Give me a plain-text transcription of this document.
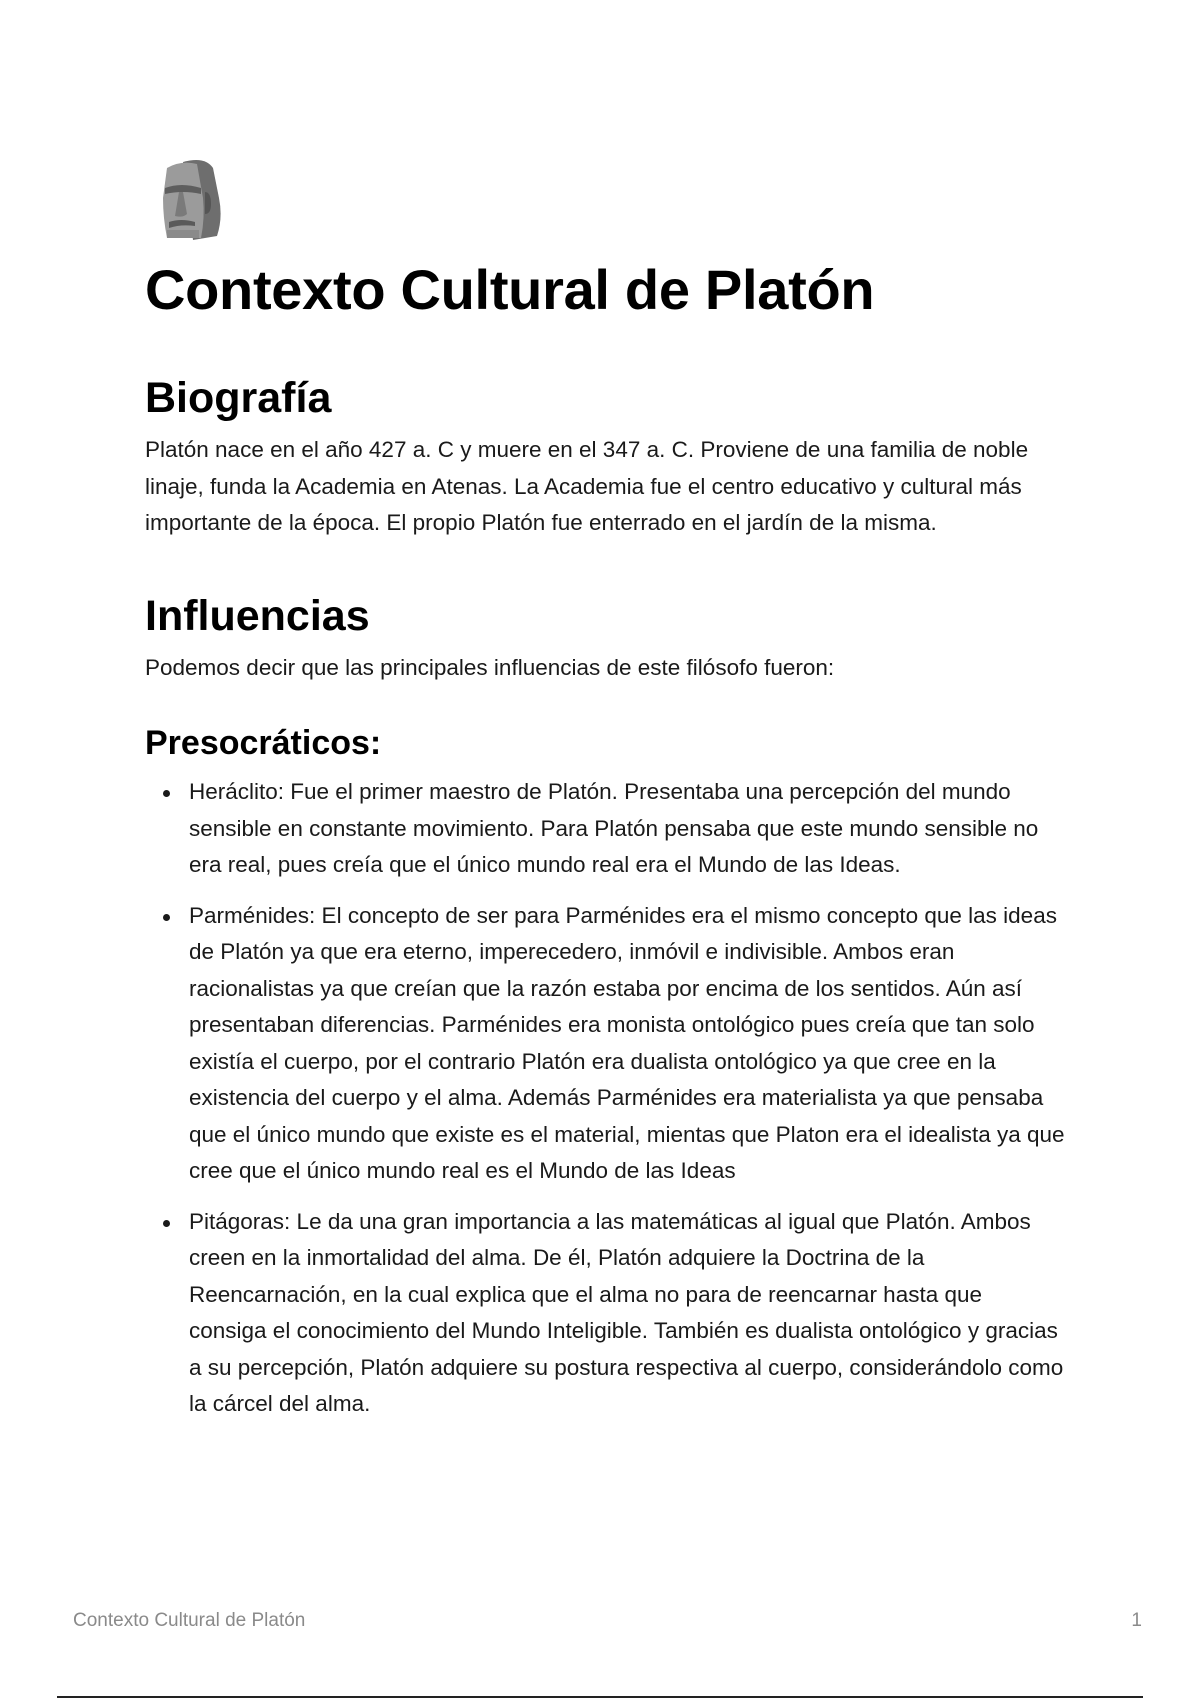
Contexto Cultural de Platón
Biografía

Platón nace en el año 427 a. C y muere en el 347 a. C. Proviene de una familia de noble linaje, funda la Academia en Atenas. La Academia fue el centro educativo y cultural más importante de la época. El propio Platón fue enterrado en el jardín de la misma.

Influencias

Podemos decir que las principales influencias de este filósofo fueron:

Presocráticos:
Heráclito: Fue el primer maestro de Platón. Presentaba una percepción del mundo sensible en constante movimiento. Para Platón pensaba que este mundo sensible no era real, pues creía que el único mundo real era el Mundo de las Ideas.
Parménides: El concepto de ser para Parménides era el mismo concepto que las ideas de Platón ya que era eterno, imperecedero, inmóvil e indivisible. Ambos eran racionalistas ya que creían que la razón estaba por encima de los sentidos. Aún así presentaban diferencias. Parménides era monista ontológico pues creía que tan solo existía el cuerpo, por el contrario Platón era dualista ontológico ya que cree en la existencia del cuerpo y el alma. Además Parménides era materialista ya que pensaba que el único mundo que existe es el material, mientas que Platon era el idealista ya que cree que el único mundo real es el Mundo de las Ideas
Pitágoras: Le da una gran importancia a las matemáticas al igual que Platón. Ambos creen en la inmortalidad del alma. De él, Platón adquiere la Doctrina de la Reencarnación, en la cual explica que el alma no para de reencarnar hasta que consiga el conocimiento del Mundo Inteligible. También es dualista ontológico y gracias a su percepción, Platón adquiere su postura respectiva al cuerpo, considerándolo como la cárcel del alma.
Contexto Cultural de Platón	1
